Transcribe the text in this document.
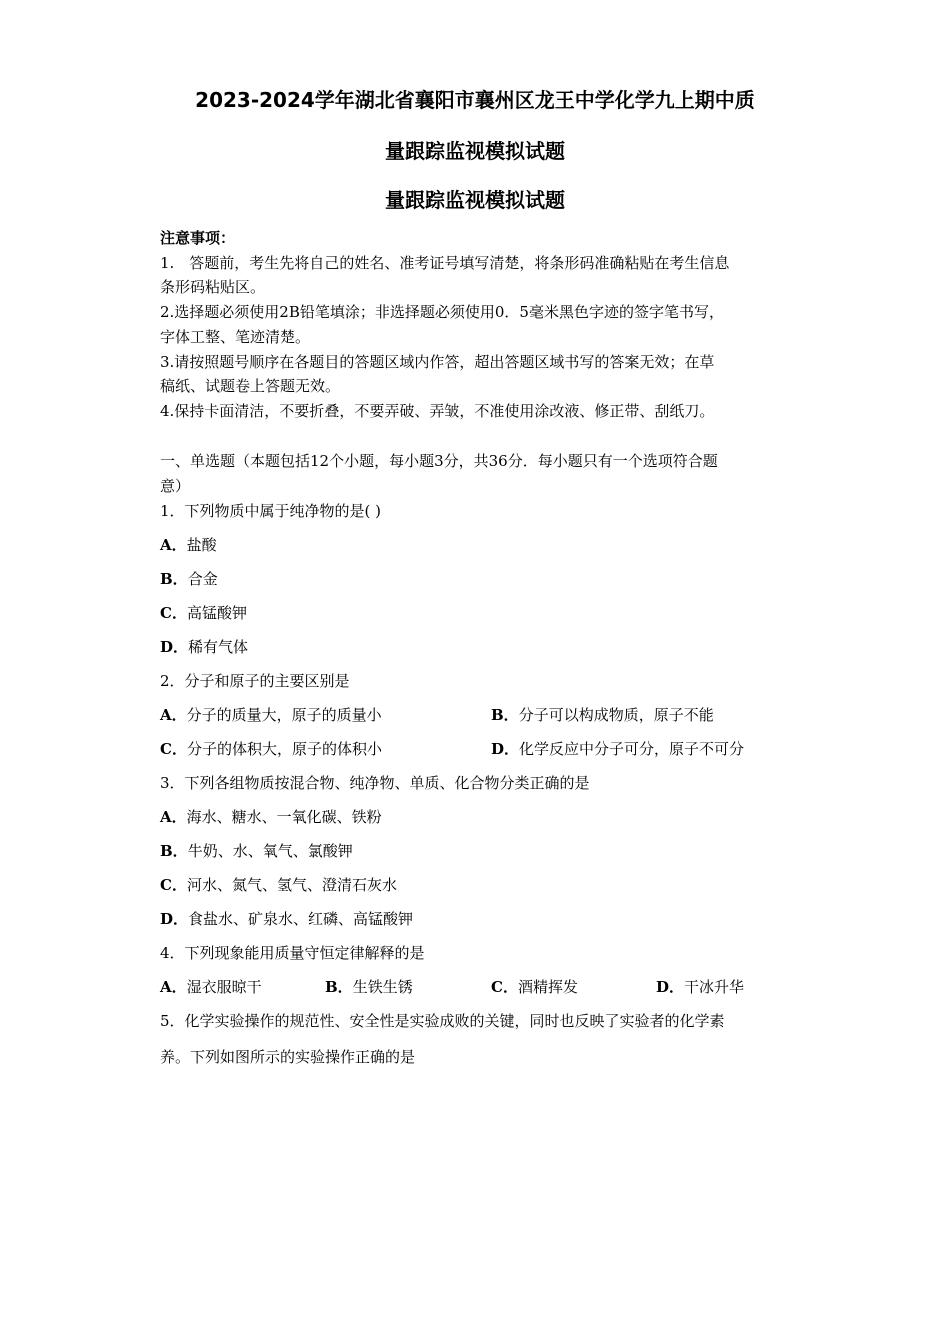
2023-2024学年湖北省襄阳市襄州区龙王中学化学九上期中质
量跟踪监视模拟试题
量跟踪监视模拟试题
注意事项：
1.　答题前，考生先将自己的姓名、准考证号填写清楚，将条形码准确粘贴在考生信息
条形码粘贴区。
2.选择题必须使用2B铅笔填涂；非选择题必须使用0．5毫米黑色字迹的签字笔书写，
字体工整、笔迹清楚。
3.请按照题号顺序在各题目的答题区域内作答，超出答题区域书写的答案无效；在草
稿纸、试题卷上答题无效。
4.保持卡面清洁，不要折叠，不要弄破、弄皱，不准使用涂改液、修正带、刮纸刀。
一、单选题（本题包括12个小题，每小题3分，共36分．每小题只有一个选项符合题
意）
1．下列物质中属于纯净物的是( )
A．盐酸
B．合金
C．高锰酸钾
D．稀有气体
2．分子和原子的主要区别是
A．分子的质量大，原子的质量小	B．分子可以构成物质，原子不能
C．分子的体积大，原子的体积小	D．化学反应中分子可分，原子不可分
3．下列各组物质按混合物、纯净物、单质、化合物分类正确的是
A．海水、糖水、一氧化碳、铁粉
B．牛奶、水、氧气、氯酸钾
C．河水、氮气、氢气、澄清石灰水
D．食盐水、矿泉水、红磷、高锰酸钾
4．下列现象能用质量守恒定律解释的是
A．湿衣服晾干	B．生铁生锈	C．酒精挥发	D．干冰升华
5．化学实验操作的规范性、安全性是实验成败的关键，同时也反映了实验者的化学素
养。下列如图所示的实验操作正确的是
